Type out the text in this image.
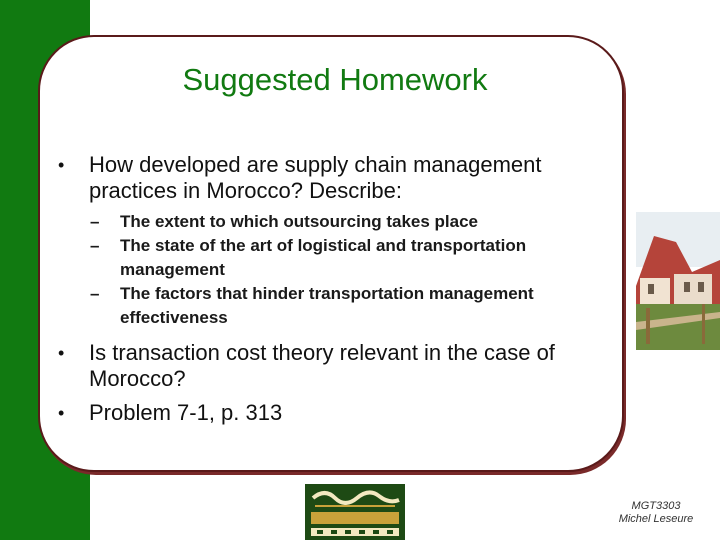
Suggested Homework
• How developed are supply chain management practices in Morocco? Describe:
– The extent to which outsourcing takes place
– The state of the art of logistical and transportation management
– The factors that hinder transportation management effectiveness
• Is transaction cost theory relevant in the case of Morocco?
• Problem 7-1, p. 313
MGT3303
Michel Leseure
